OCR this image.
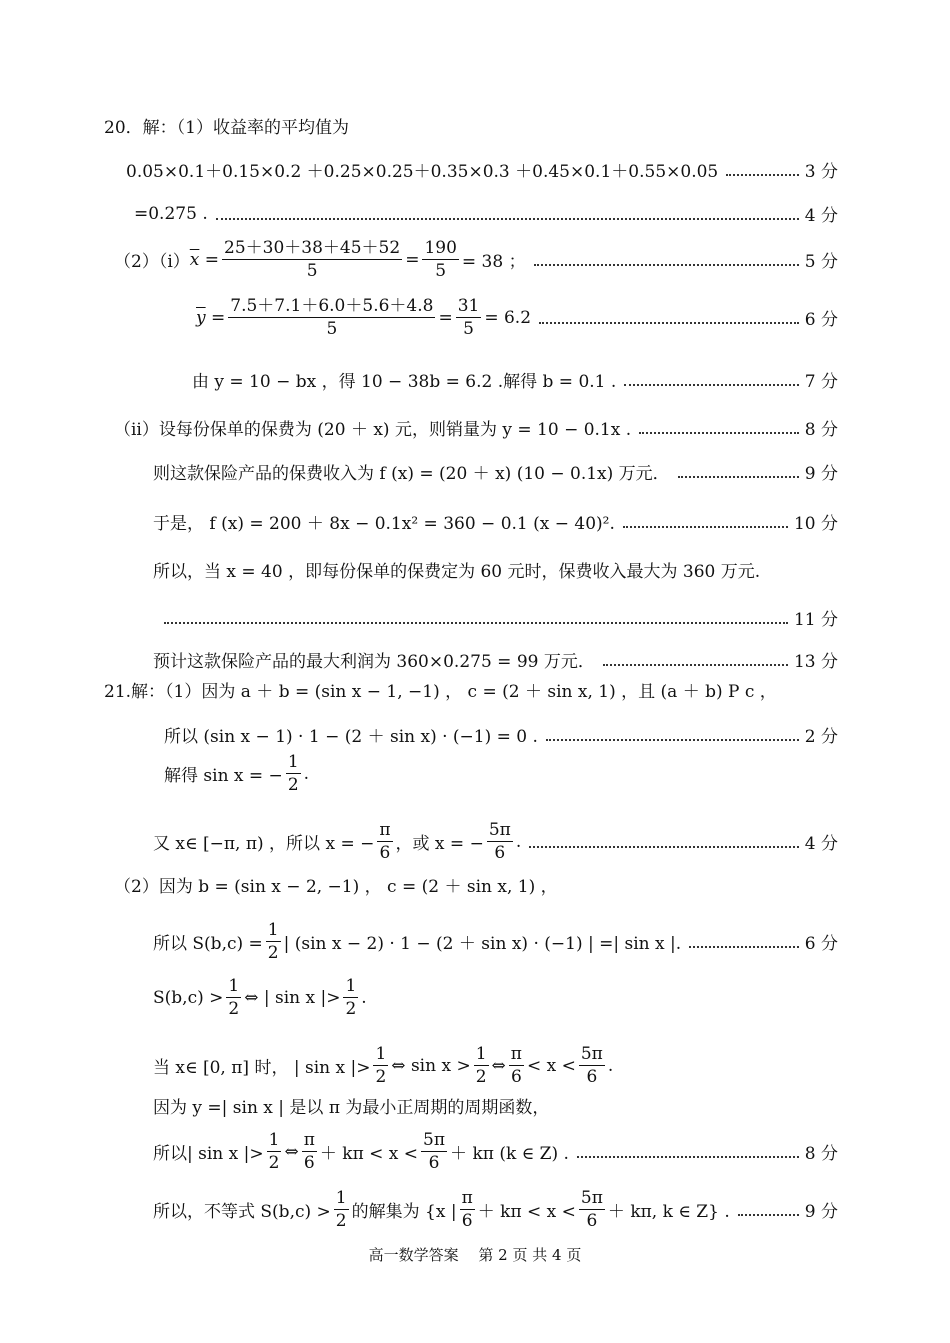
20．解：（1）收益率的平均值为
0.05×0.1＋0.15×0.2 ＋0.25×0.25＋0.35×0.3 ＋0.45×0.1＋0.55×0.05	3 分
=0.275 .	4 分
（2）（i） $\overline{x} = \frac{25+30+38+45+52}{5} = \frac{190}{5} = 38$ ；	5 分
$\overline{y} = \frac{7.5+7.1+6.0+5.6+4.8}{5} = \frac{31}{5} = 6.2$	6 分
由 y = 10 − bx ，得 10 − 38b = 6.2 .解得 b = 0.1 .	7 分
（ii）设每份保单的保费为 (20 ＋ x) 元，则销量为 y = 10 − 0.1x .	8 分
则这款保险产品的保费收入为 f (x) = (20 ＋ x) (10 − 0.1x) 万元．	9 分
于是， f (x) = 200 ＋ 8x − 0.1x² = 360 − 0.1 (x − 40)².	10 分
所以，当 x = 40 ，即每份保单的保费定为 60 元时，保费收入最大为 360 万元.
11 分
预计这款保险产品的最大利润为 360×0.275 = 99 万元．	13 分
21.解：（1）因为 a ＋ b = (sin x − 1, −1) ， c = (2 ＋ sin x, 1) ，且 (a ＋ b) P c ，
所以 (sin x − 1) · 1 − (2 ＋ sin x) · (−1) = 0 .	2 分
解得 sin x = − $\frac{1}{2}$ .
又 x∈ [−π, π) ，所以 x = − $\frac{\pi}{6}$ ，或 x = − $\frac{5\pi}{6}$ .	4 分
（2）因为 b = (sin x − 2, −1) ， c = (2 ＋ sin x, 1) ，
所以 $S(b,c) = \frac{1}{2}$ | (sin x − 2) · 1 − (2 ＋ sin x) · (−1) | =| sin x |.	6 分
$S(b,c) > \frac{1}{2}$ ⇔ | sin x |> $\frac{1}{2}$ .
当 x∈ [0, π] 时， | sin x |> $\frac{1}{2}$ ⇔ $\sin x > \frac{1}{2}$ ⇔ $\frac{\pi}{6} < x < \frac{5\pi}{6}$ .
因为 y =| sin x | 是以 π 为最小正周期的周期函数，
所以| sin x |> $\frac{1}{2}$ ⇔ $\frac{\pi}{6} + k\pi < x < \frac{5\pi}{6} + k\pi$ (k ∈ Z) .	8 分
所以，不等式 $S(b,c) > \frac{1}{2}$ 的解集为 {x | $\frac{\pi}{6} + k\pi < x < \frac{5\pi}{6} + k\pi$, k ∈ Z} .	9 分
高一数学答案　 第 2 页 共 4 页
